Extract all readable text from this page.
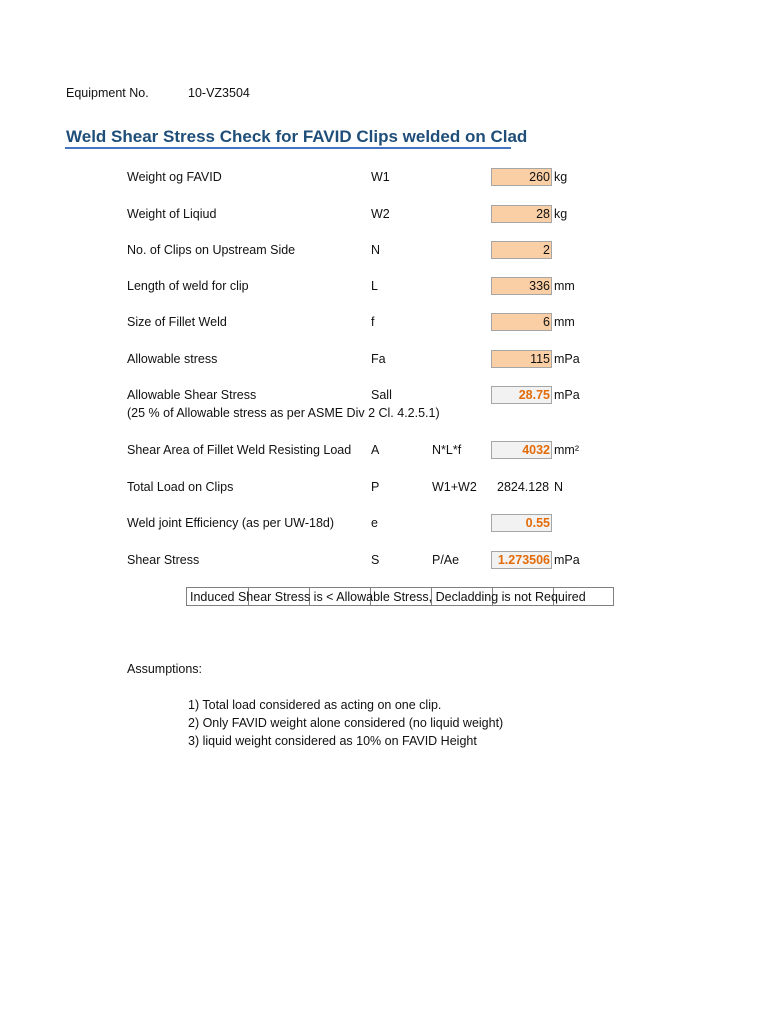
Equipment No.	10-VZ3504
Weld Shear Stress Check for FAVID Clips welded on Clad
Weight og FAVID	W1	260 kg
Weight of Liqiud	W2	28 kg
No. of Clips on Upstream Side	N	2
Length of weld for clip	L	336 mm
Size of Fillet Weld	f	6 mm
Allowable stress	Fa	115 mPa
Allowable Shear Stress	Sall	28.75 mPa
(25 % of Allowable stress as per ASME Div 2 Cl. 4.2.5.1)
Shear Area of Fillet Weld Resisting Load A	N*L*f	4032 mm²
Total Load on Clips	P	W1+W2 2824.128 N
Weld joint Efficiency (as per UW-18d)	e	0.55
Shear Stress	S	P/Ae	1.273506 mPa
Induced Shear Stress is < Allowable Stress, Decladding is not Required
Assumptions:
1) Total load considered as acting on one clip.
2) Only FAVID weight alone considered (no liquid weight)
3) liquid weight considered as 10% on FAVID Height
